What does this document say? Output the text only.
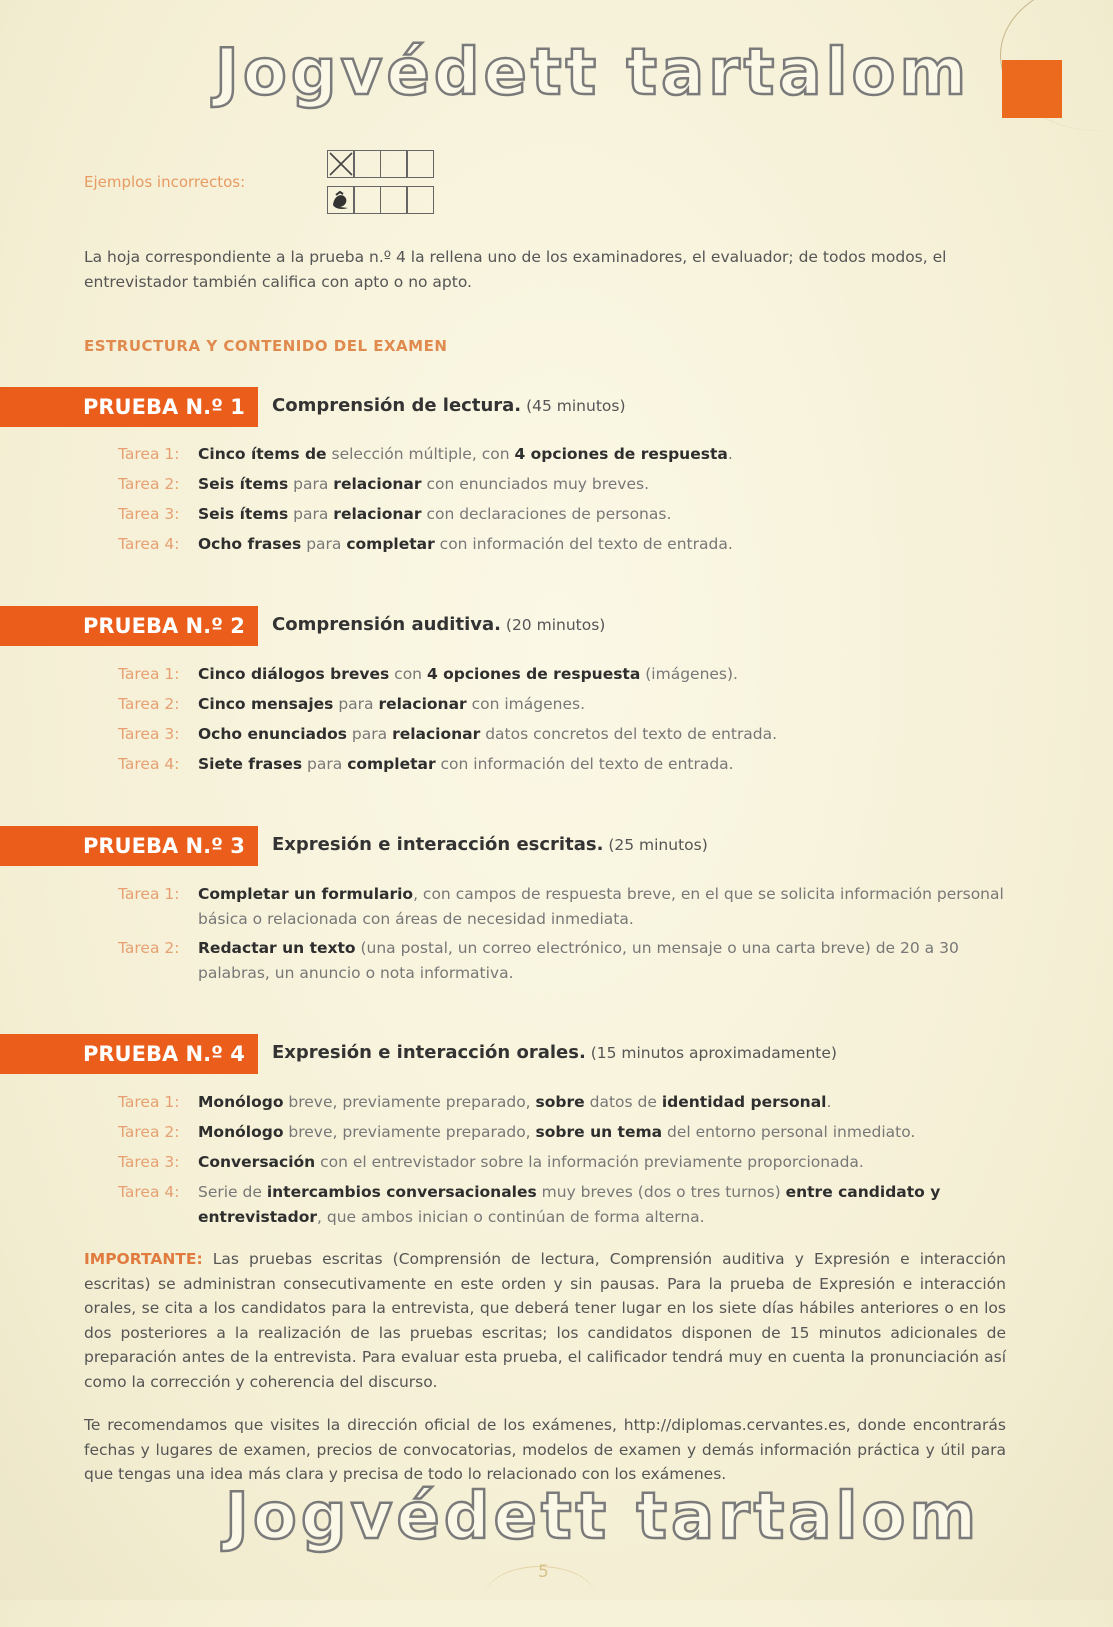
Jogvédett tartalom
Ejemplos incorrectos:
La hoja correspondiente a la prueba n.º 4 la rellena uno de los examinadores, el evaluador; de todos modos, el entrevistador también califica con apto o no apto.
ESTRUCTURA Y CONTENIDO DEL EXAMEN
PRUEBA N.º 1 Comprensión de lectura. (45 minutos)
Tarea 1: Cinco ítems de selección múltiple, con 4 opciones de respuesta.
Tarea 2: Seis ítems para relacionar con enunciados muy breves.
Tarea 3: Seis ítems para relacionar con declaraciones de personas.
Tarea 4: Ocho frases para completar con información del texto de entrada.
PRUEBA N.º 2 Comprensión auditiva. (20 minutos)
Tarea 1: Cinco diálogos breves con 4 opciones de respuesta (imágenes).
Tarea 2: Cinco mensajes para relacionar con imágenes.
Tarea 3: Ocho enunciados para relacionar datos concretos del texto de entrada.
Tarea 4: Siete frases para completar con información del texto de entrada.
PRUEBA N.º 3 Expresión e interacción escritas. (25 minutos)
Tarea 1: Completar un formulario, con campos de respuesta breve, en el que se solicita información personal básica o relacionada con áreas de necesidad inmediata.
Tarea 2: Redactar un texto (una postal, un correo electrónico, un mensaje o una carta breve) de 20 a 30 palabras, un anuncio o nota informativa.
PRUEBA N.º 4 Expresión e interacción orales. (15 minutos aproximadamente)
Tarea 1: Monólogo breve, previamente preparado, sobre datos de identidad personal.
Tarea 2: Monólogo breve, previamente preparado, sobre un tema del entorno personal inmediato.
Tarea 3: Conversación con el entrevistador sobre la información previamente proporcionada.
Tarea 4: Serie de intercambios conversacionales muy breves (dos o tres turnos) entre candidato y entrevistador, que ambos inician o continúan de forma alterna.
IMPORTANTE: Las pruebas escritas (Comprensión de lectura, Comprensión auditiva y Expresión e interacción escritas) se administran consecutivamente en este orden y sin pausas. Para la prueba de Expresión e interacción orales, se cita a los candidatos para la entrevista, que deberá tener lugar en los siete días hábiles anteriores o en los dos posteriores a la realización de las pruebas escritas; los candidatos disponen de 15 minutos adicionales de preparación antes de la entrevista. Para evaluar esta prueba, el calificador tendrá muy en cuenta la pronunciación así como la corrección y coherencia del discurso.
Te recomendamos que visites la dirección oficial de los exámenes, http://diplomas.cervantes.es, donde encontrarás fechas y lugares de examen, precios de convocatorias, modelos de examen y demás información práctica y útil para que tengas una idea más clara y precisa de todo lo relacionado con los exámenes.
Jogvédett tartalom
5
